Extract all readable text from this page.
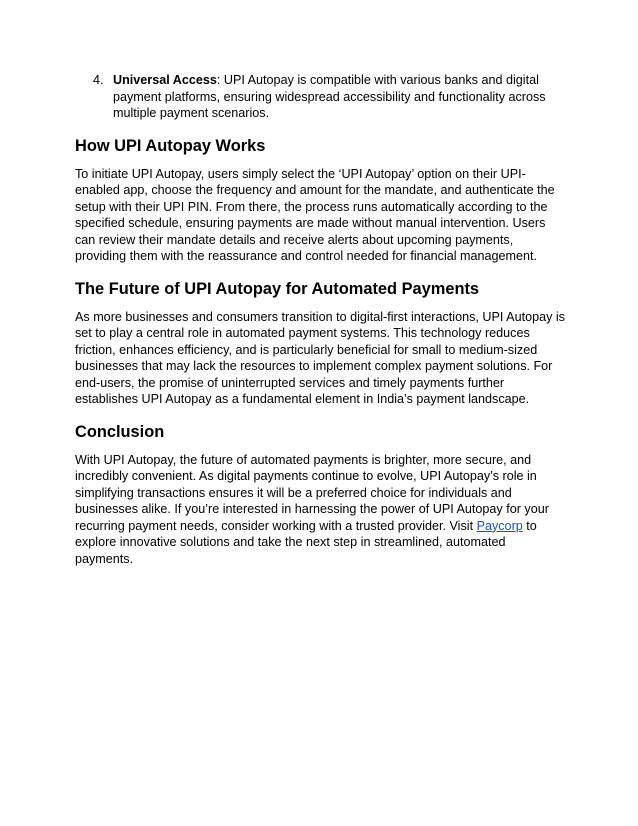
4. Universal Access: UPI Autopay is compatible with various banks and digital payment platforms, ensuring widespread accessibility and functionality across multiple payment scenarios.
How UPI Autopay Works

To initiate UPI Autopay, users simply select the ‘UPI Autopay’ option on their UPI-enabled app, choose the frequency and amount for the mandate, and authenticate the setup with their UPI PIN. From there, the process runs automatically according to the specified schedule, ensuring payments are made without manual intervention. Users can review their mandate details and receive alerts about upcoming payments, providing them with the reassurance and control needed for financial management.

The Future of UPI Autopay for Automated Payments

As more businesses and consumers transition to digital-first interactions, UPI Autopay is set to play a central role in automated payment systems. This technology reduces friction, enhances efficiency, and is particularly beneficial for small to medium-sized businesses that may lack the resources to implement complex payment solutions. For end-users, the promise of uninterrupted services and timely payments further establishes UPI Autopay as a fundamental element in India’s payment landscape.

Conclusion

With UPI Autopay, the future of automated payments is brighter, more secure, and incredibly convenient. As digital payments continue to evolve, UPI Autopay’s role in simplifying transactions ensures it will be a preferred choice for individuals and businesses alike. If you’re interested in harnessing the power of UPI Autopay for your recurring payment needs, consider working with a trusted provider. Visit Paycorp to explore innovative solutions and take the next step in streamlined, automated payments.
